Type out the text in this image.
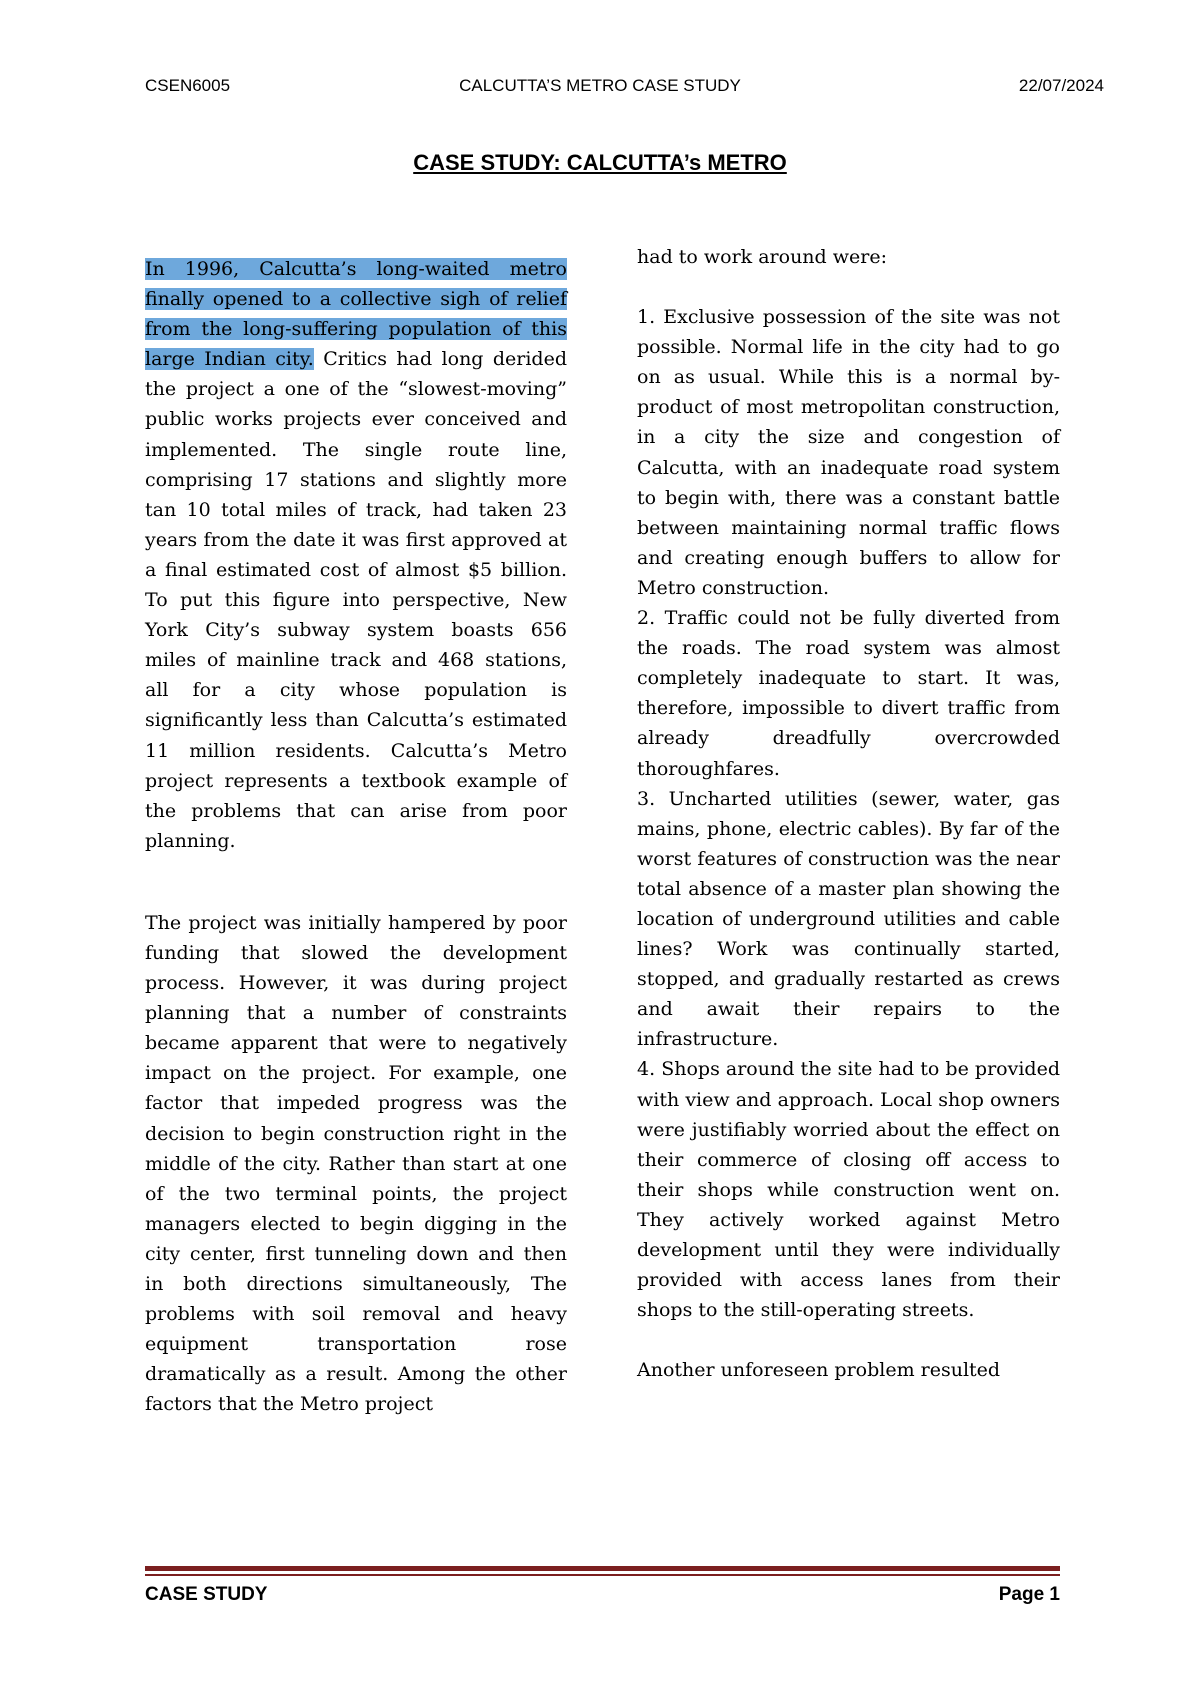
CSEN6005	CALCUTTA’S METRO CASE STUDY	22/07/2024
CASE STUDY: CALCUTTA’s METRO

In 1996, Calcutta’s long-waited metro finally opened to a collective sigh of relief from the long-suffering population of this large Indian city. Critics had long derided the project a one of the “slowest-moving” public works projects ever conceived and implemented. The single route line, comprising 17 stations and slightly more tan 10 total miles of track, had taken 23 years from the date it was first approved at a final estimated cost of almost $5 billion. To put this figure into perspective, New York City’s subway system boasts 656 miles of mainline track and 468 stations, all for a city whose population is significantly less than Calcutta’s estimated 11 million residents. Calcutta’s Metro project represents a textbook example of the problems that can arise from poor planning.

The project was initially hampered by poor funding that slowed the development process. However, it was during project planning that a number of constraints became apparent that were to negatively impact on the project. For example, one factor that impeded progress was the decision to begin construction right in the middle of the city. Rather than start at one of the two terminal points, the project managers elected to begin digging in the city center, first tunneling down and then in both directions simultaneously, The problems with soil removal and heavy equipment transportation rose dramatically as a result. Among the other factors that the Metro project

had to work around were:

1. Exclusive possession of the site was not possible. Normal life in the city had to go on as usual. While this is a normal by-product of most metropolitan construction, in a city the size and congestion of Calcutta, with an inadequate road system to begin with, there was a constant battle between maintaining normal traffic flows and creating enough buffers to allow for Metro construction.

2. Traffic could not be fully diverted from the roads. The road system was almost completely inadequate to start. It was, therefore, impossible to divert traffic from already dreadfully overcrowded thoroughfares.

3. Uncharted utilities (sewer, water, gas mains, phone, electric cables). By far of the worst features of construction was the near total absence of a master plan showing the location of underground utilities and cable lines? Work was continually started, stopped, and gradually restarted as crews and await their repairs to the infrastructure.

4. Shops around the site had to be provided with view and approach. Local shop owners were justifiably worried about the effect on their commerce of closing off access to their shops while construction went on. They actively worked against Metro development until they were individually provided with access lanes from their shops to the still-operating streets.

Another unforeseen problem resulted

CASE STUDY	Page 1
